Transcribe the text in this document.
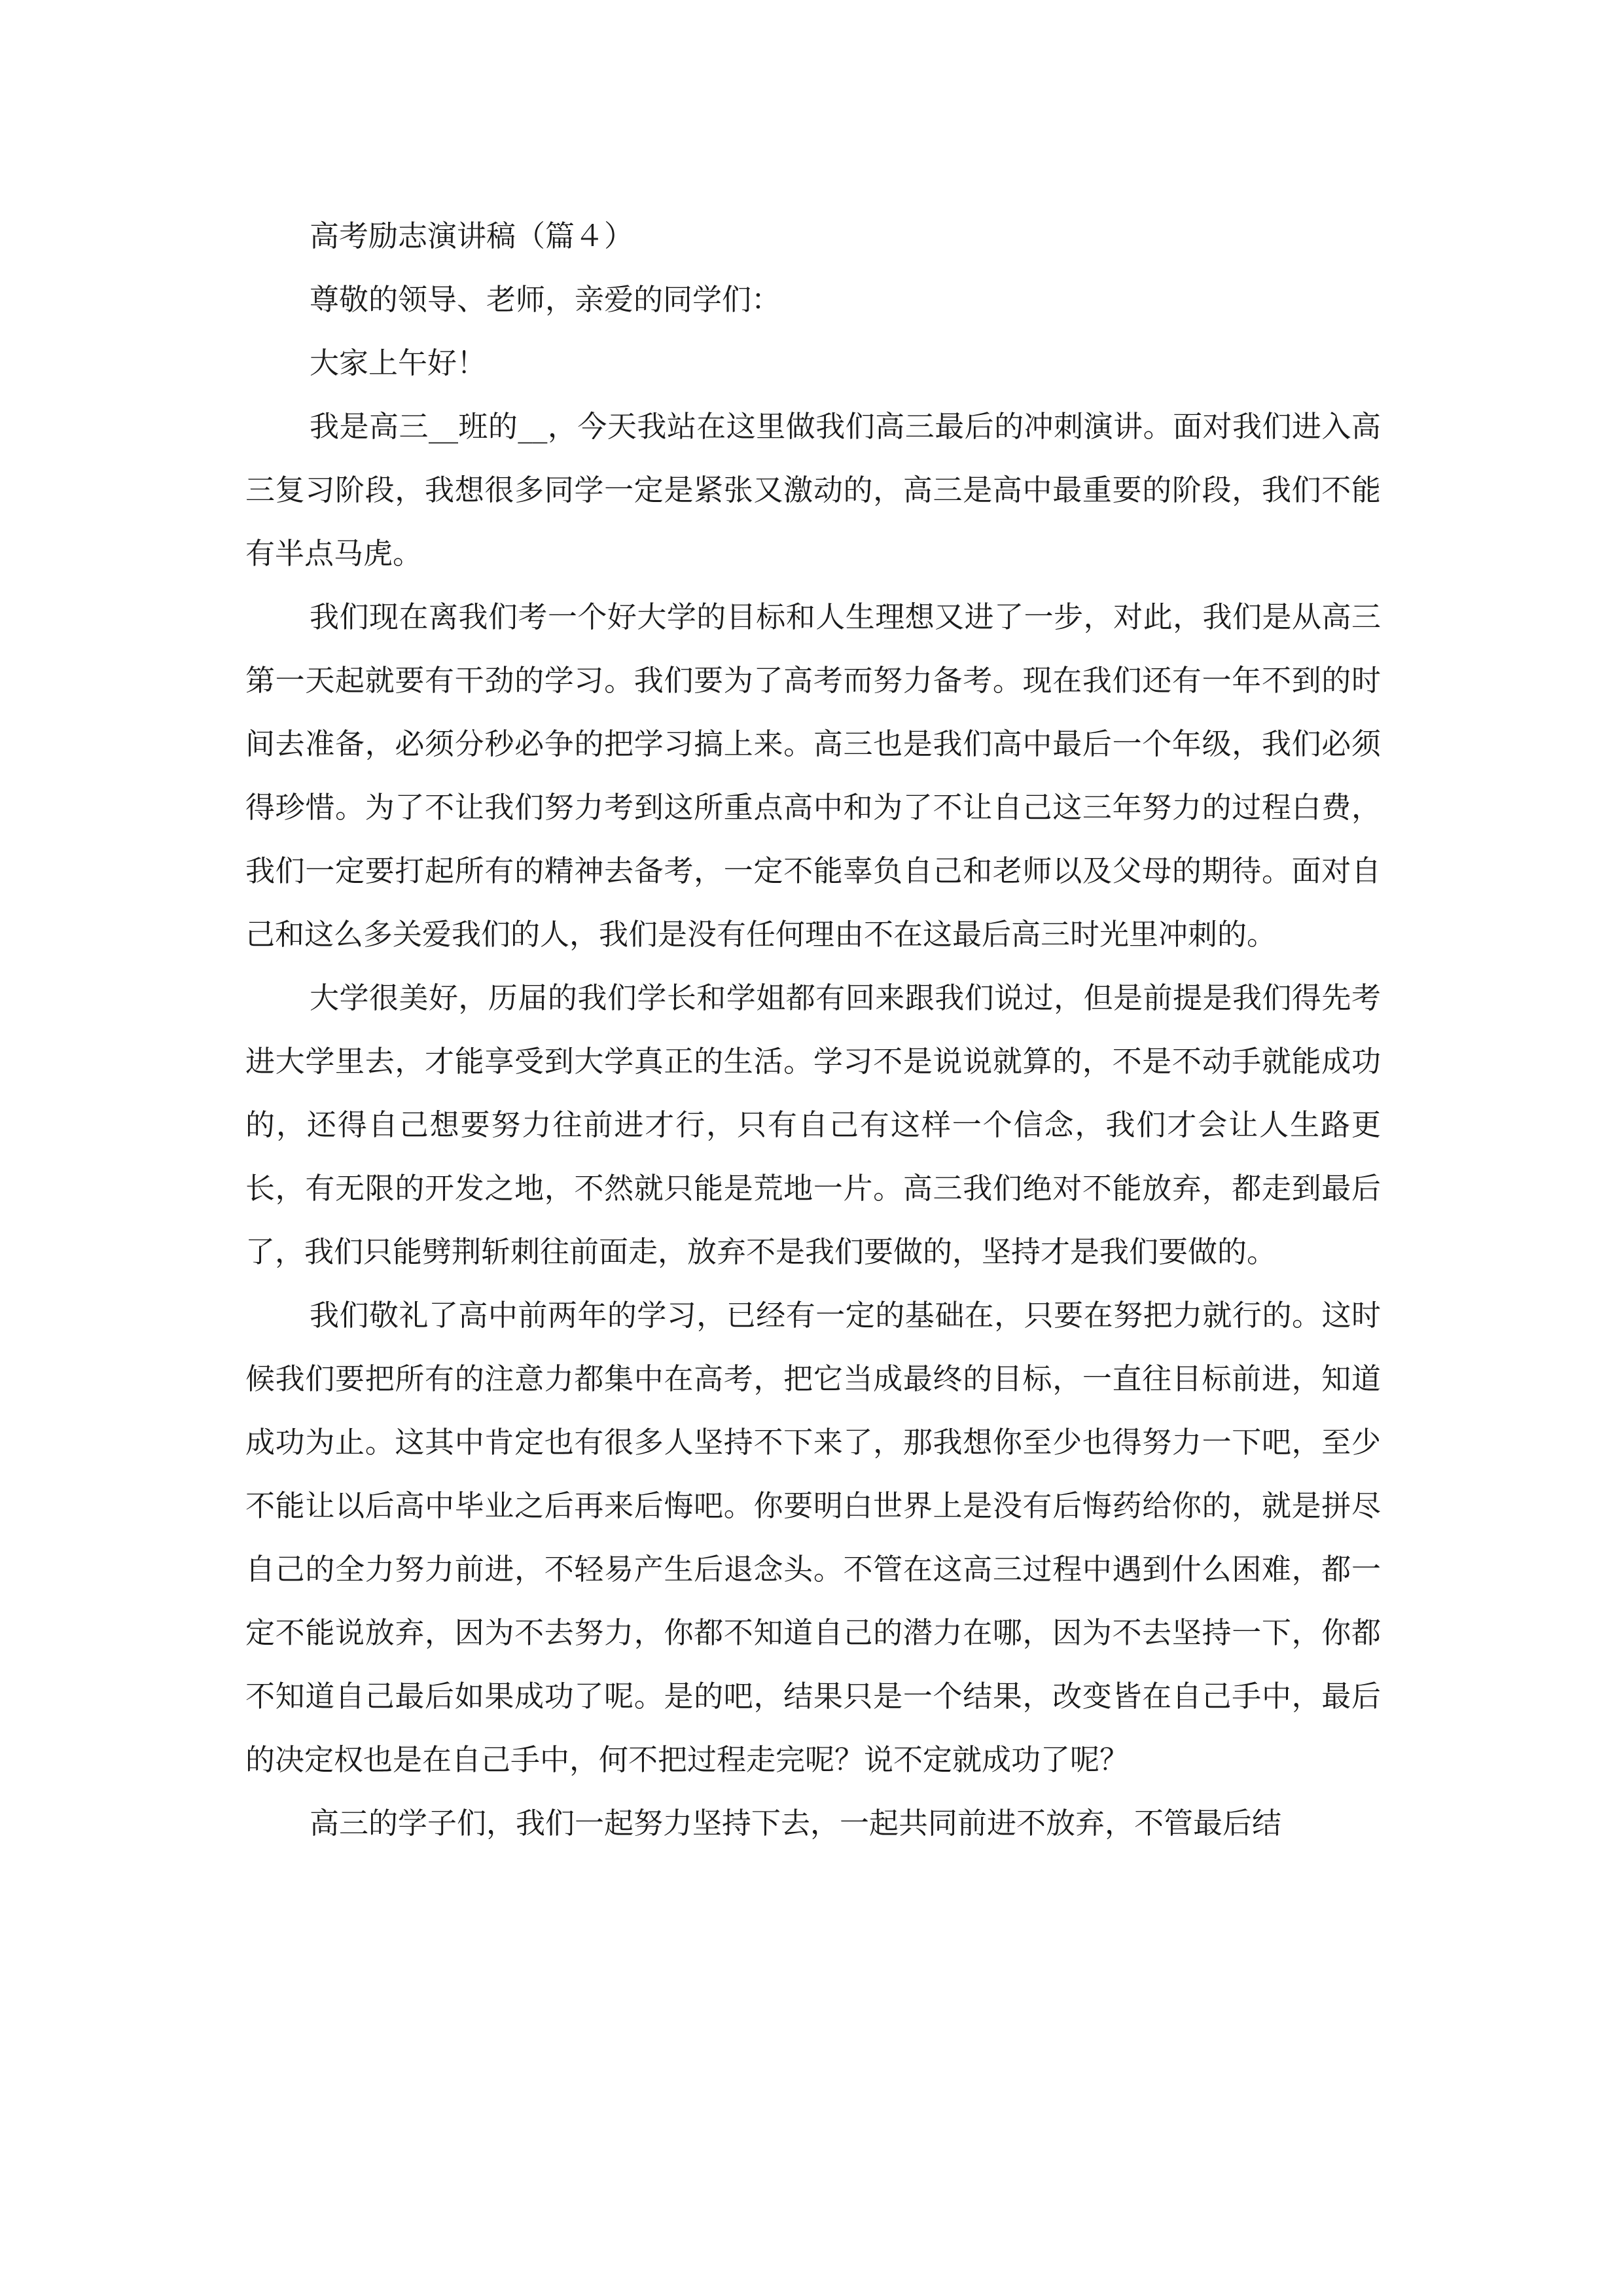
高考励志演讲稿（篇４）

尊敬的领导、老师，亲爱的同学们：

大家上午好！

我是高三__班的__，今天我站在这里做我们高三最后的冲刺演讲。面对我们进入高三复习阶段，我想很多同学一定是紧张又激动的，高三是高中最重要的阶段，我们不能有半点马虎。

我们现在离我们考一个好大学的目标和人生理想又进了一步，对此，我们是从高三第一天起就要有干劲的学习。我们要为了高考而努力备考。现在我们还有一年不到的时间去准备，必须分秒必争的把学习搞上来。高三也是我们高中最后一个年级，我们必须得珍惜。为了不让我们努力考到这所重点高中和为了不让自己这三年努力的过程白费，我们一定要打起所有的精神去备考，一定不能辜负自己和老师以及父母的期待。面对自己和这么多关爱我们的人，我们是没有任何理由不在这最后高三时光里冲刺的。

大学很美好，历届的我们学长和学姐都有回来跟我们说过，但是前提是我们得先考进大学里去，才能享受到大学真正的生活。学习不是说说就算的，不是不动手就能成功的，还得自己想要努力往前进才行，只有自己有这样一个信念，我们才会让人生路更长，有无限的开发之地，不然就只能是荒地一片。高三我们绝对不能放弃，都走到最后了，我们只能劈荆斩刺往前面走，放弃不是我们要做的，坚持才是我们要做的。

我们敬礼了高中前两年的学习，已经有一定的基础在，只要在努把力就行的。这时候我们要把所有的注意力都集中在高考，把它当成最终的目标，一直往目标前进，知道成功为止。这其中肯定也有很多人坚持不下来了，那我想你至少也得努力一下吧，至少不能让以后高中毕业之后再来后悔吧。你要明白世界上是没有后悔药给你的，就是拼尽自己的全力努力前进，不轻易产生后退念头。不管在这高三过程中遇到什么困难，都一定不能说放弃，因为不去努力，你都不知道自己的潜力在哪，因为不去坚持一下，你都不知道自己最后如果成功了呢。是的吧，结果只是一个结果，改变皆在自己手中，最后的决定权也是在自己手中，何不把过程走完呢？说不定就成功了呢？

高三的学子们，我们一起努力坚持下去，一起共同前进不放弃，不管最后结
